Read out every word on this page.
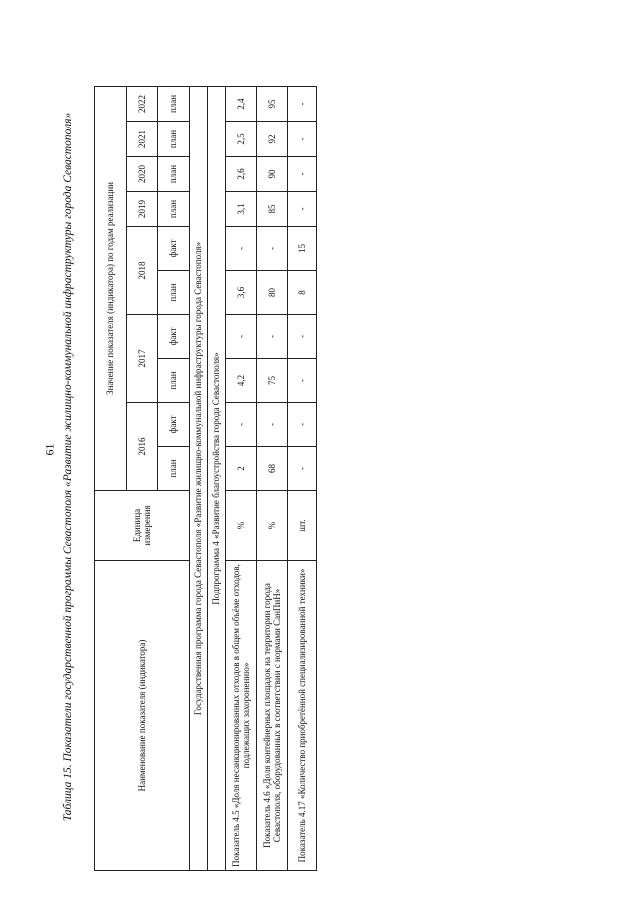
61 Таблица 15. Показатели государственной программы Севастополя «Развитие жилищно-коммунальной инфраструктуры города Севастополя»	Наименование показателя (индикатора)	Единица измерения	Значение показателя (индикатора) по годам реализации									
		2016		2017		2018		2019	2020	2021	2022
		план	факт	план	факт	план	факт	план	план	план	план
Государственная программа города Севастополя «Развитие жилищно-коммунальной инфраструктуры города Севастополя»											
Подпрограмма 4 «Развитие благоустройства города Севастополя»											
Показатель 4.5 «Доля несанкционированных отходов в общем объёме отходов, подлежащих захоронению»	%	2	-	4,2	-	3,6	-	3,1	2,6	2,5	2,4
Показатель 4.6 «Доля контейнерных площадок на территории города Севастополя, оборудованных в соответствии с нормами СанПиН»	%	68	-	75	-	80	-	85	90	92	95
Показатель 4.17 «Количество приобретённой специализированной техники»	шт.	-	-	-	-	8	15	-	-	-	-
